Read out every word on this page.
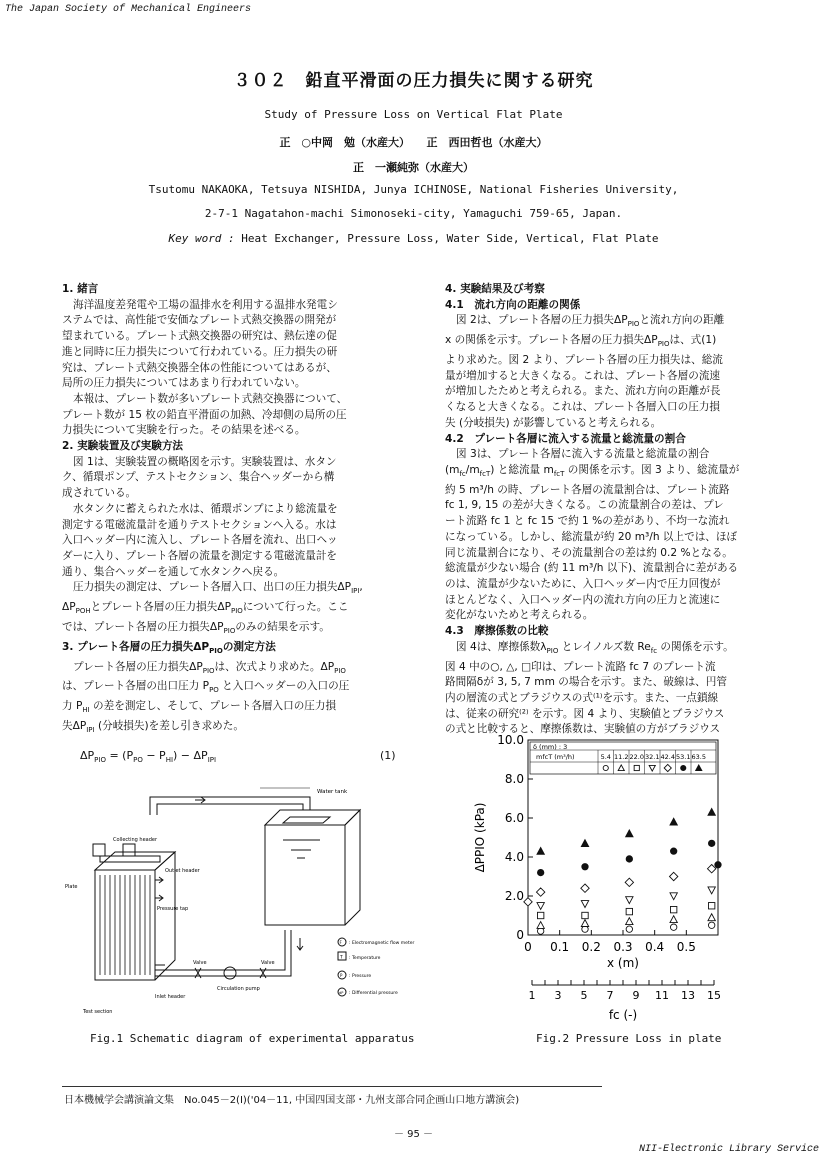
The Japan Society of Mechanical Engineers
３０２　鉛直平滑面の圧力損失に関する研究
Study of Pressure Loss on Vertical Flat Plate
正　○中岡　勉（水産大）　　正　西田哲也（水産大）
正　一瀬純弥（水産大）
Tsutomu NAKAOKA, Tetsuya NISHIDA, Junya ICHINOSE, National Fisheries University,
2-7-1 Nagatahon-machi Simonoseki-city, Yamaguchi 759-65, Japan.
Key word : Heat Exchanger, Pressure Loss, Water Side, Vertical, Flat Plate

1. 緒言

海洋温度差発電や工場の温排水を利用する温排水発電シ

ステムでは、高性能で安価なプレート式熱交換器の開発が

望まれている。プレート式熱交換器の研究は、熱伝達の促

進と同時に圧力損失について行われている。圧力損失の研

究は、プレート式熱交換器全体の性能についてはあるが、

局所の圧力損失についてはあまり行われていない。

本報は、プレート数が多いプレート式熱交換器について、

プレート数が 15 枚の鉛直平滑面の加熱、冷却側の局所の圧

力損失について実験を行った。その結果を述べる。

2. 実験装置及び実験方法

図 1は、実験装置の概略図を示す。実験装置は、水タン

ク、循環ポンプ、テストセクション、集合ヘッダーから構

成されている。

水タンクに蓄えられた水は、循環ポンプにより総流量を

測定する電磁流量計を通りテストセクションへ入る。水は

入口ヘッダー内に流入し、プレート各層を流れ、出口ヘッ

ダーに入り、プレート各層の流量を測定する電磁流量計を

通り、集合ヘッダーを通して水タンクへ戻る。

圧力損失の測定は、プレート各層入口、出口の圧力損失$\Delta P_{IPI}$,

$\Delta P_{POH}$とプレート各層の圧力損失$\Delta P_{PIO}$について行った。ここ

では、プレート各層の圧力損失$\Delta P_{PIO}$のみの結果を示す。

3. プレート各層の圧力損失$\Delta P_{PIO}$の測定方法

プレート各層の圧力損失$\Delta P_{PIO}$は、次式より求めた。$\Delta P_{PIO}$

は、プレート各層の出口圧力 $P_{PO}$ と入口ヘッダーの入口の圧

力 $P_{HI}$ の差を測定し、そして、プレート各層入口の圧力損

失$\Delta P_{IPI}$ (分岐損失)を差し引き求めた。

4. 実験結果及び考察

4.1　流れ方向の距離の関係

図 2は、プレート各層の圧力損失$\Delta P_{PIO}$と流れ方向の距離

x の関係を示す。プレート各層の圧力損失$\Delta P_{PIO}$は、式(1)

より求めた。図 2 より、プレート各層の圧力損失は、総流

量が増加すると大きくなる。これは、プレート各層の流速

が増加したためと考えられる。また、流れ方向の距離が長

くなると大きくなる。これは、プレート各層入口の圧力損

失 (分岐損失) が影響していると考えられる。

4.2　プレート各層に流入する流量と総流量の割合

図 3は、プレート各層に流入する流量と総流量の割合

$(m_{fc}/m_{fcT})$ と総流量 $m_{fcT}$ の関係を示す。図 3 より、総流量が

約 5 m³/h の時、プレート各層の流量割合は、プレート流路

fc 1, 9, 15 の差が大きくなる。この流量割合の差は、プレ

ート流路 fc 1 と fc 15 で約 1 %の差があり、不均一な流れ

になっている。しかし、総流量が約 20 m³/h 以上では、ほぼ

同じ流量割合になり、その流量割合の差は約 0.2 %となる。

総流量が少ない場合 (約 11 m³/h 以下)、流量割合に差がある

のは、流量が少ないために、入口ヘッダー内で圧力回復が

ほとんどなく、入口ヘッダー内の流れ方向の圧力と流速に

変化がないためと考えられる。

4.3　摩擦係数の比較

図 4は、摩擦係数$\lambda_{PIO}$ とレイノルズ数 $Re_{fc}$ の関係を示す。

図 4 中の○, △, □印は、プレート流路 fc 7 のプレート流

路間隔δが 3, 5, 7 mm の場合を示す。また、破線は、円管

内の層流の式とブラジウスの式⁽¹⁾を示す。また、一点鎖線

は、従来の研究⁽²⁾ を示す。図 4 より、実験値とブラジウス

の式と比較すると、摩擦係数は、実験値の方がブラジウス

$\Delta P_{PIO} = (P_{PO} - P_{HI}) - \Delta P_{IPI}$	(1)
Water tank
Collecting header
Outlet header
Plate
Pressure tap
Valve	Valve
Circulation pump
Inlet header
Test section
: Electromagnetic flow meter
: Temperature
: Pressure
: Differential pressure
F
T
P
dP
Fig.1 Schematic diagram of experimental apparatus
0
2.0
4.0
6.0
8.0
10.0
0 0.1 0.2 0.3 0.4 0.5
x (m)
ΔPPIO (kPa)
1 3 5 7 9 11 13 15
fc (-)
δ (mm) : 3
mfcT (m³/h)	5.4 11.2 22.0 32.1 42.4 53.1 63.5
Fig.2 Pressure Loss in plate
日本機械学会講演論文集　No.045－2(Ⅰ)('04－11, 中国四国支部・九州支部合同企画山口地方講演会)
－ 95 －
NII-Electronic Library Service
